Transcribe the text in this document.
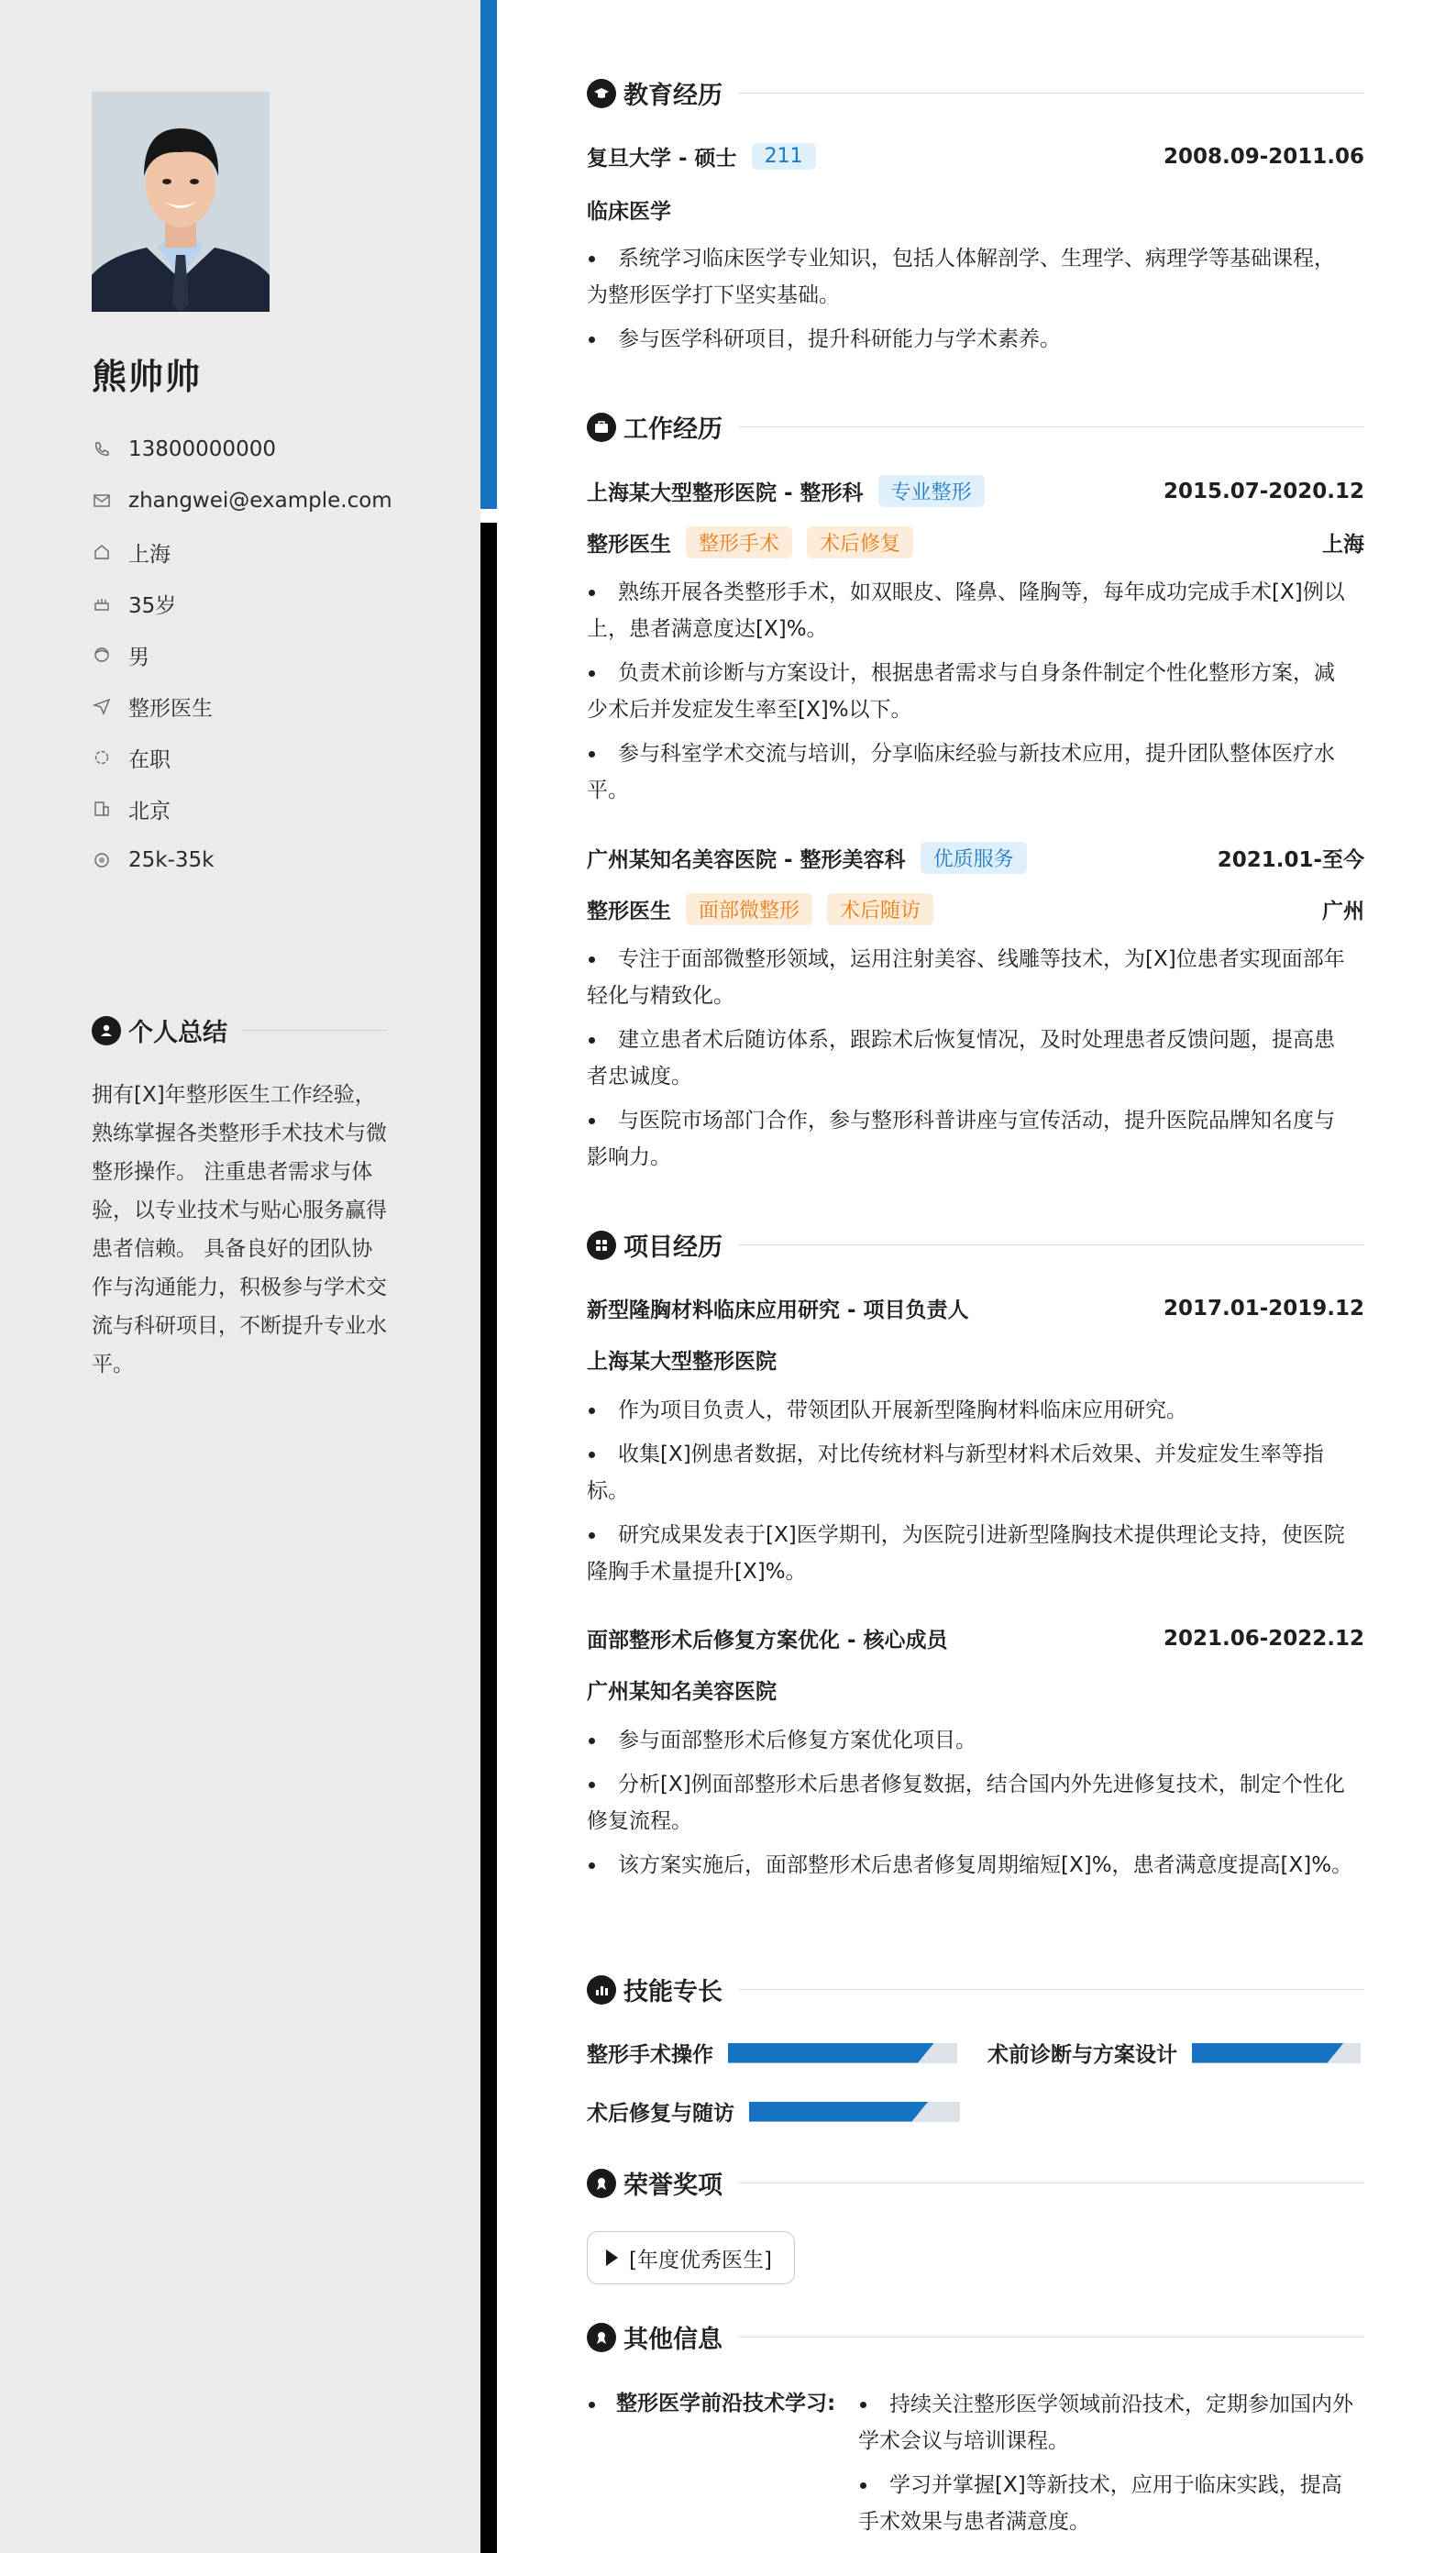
熊帅帅
13800000000
zhangwei@example.com
上海
35岁
男
整形医生
在职
北京
25k-35k
个人总结
拥有[X]年整形医生工作经验，熟练掌握各类整形手术技术与微整形操作。 注重患者需求与体验，以专业技术与贴心服务赢得患者信赖。 具备良好的团队协作与沟通能力，积极参与学术交流与科研项目，不断提升专业水平。
教育经历
复旦大学 - 硕士	211	2008.09-2011.06
临床医学
系统学习临床医学专业知识，包括人体解剖学、生理学、病理学等基础课程，为整形医学打下坚实基础。
参与医学科研项目，提升科研能力与学术素养。
工作经历
上海某大型整形医院 - 整形科	专业整形	2015.07-2020.12
整形医生	整形手术	术后修复	上海
熟练开展各类整形手术，如双眼皮、隆鼻、隆胸等，每年成功完成手术[X]例以上，患者满意度达[X]%。
负责术前诊断与方案设计，根据患者需求与自身条件制定个性化整形方案，减少术后并发症发生率至[X]%以下。
参与科室学术交流与培训，分享临床经验与新技术应用，提升团队整体医疗水平。
广州某知名美容医院 - 整形美容科	优质服务	2021.01-至今
整形医生	面部微整形	术后随访	广州
专注于面部微整形领域，运用注射美容、线雕等技术，为[X]位患者实现面部年轻化与精致化。
建立患者术后随访体系，跟踪术后恢复情况，及时处理患者反馈问题，提高患者忠诚度。
与医院市场部门合作，参与整形科普讲座与宣传活动，提升医院品牌知名度与影响力。
项目经历
新型隆胸材料临床应用研究 - 项目负责人	2017.01-2019.12
上海某大型整形医院
作为项目负责人，带领团队开展新型隆胸材料临床应用研究。
收集[X]例患者数据，对比传统材料与新型材料术后效果、并发症发生率等指标。
研究成果发表于[X]医学期刊，为医院引进新型隆胸技术提供理论支持，使医院隆胸手术量提升[X]%。
面部整形术后修复方案优化 - 核心成员	2021.06-2022.12
广州某知名美容医院
参与面部整形术后修复方案优化项目。
分析[X]例面部整形术后患者修复数据，结合国内外先进修复技术，制定个性化修复流程。
该方案实施后，面部整形术后患者修复周期缩短[X]%，患者满意度提高[X]%。
技能专长
整形手术操作	术前诊断与方案设计
术后修复与随访
荣誉奖项
[年度优秀医生]
其他信息
整形医学前沿技术学习:	持续关注整形医学领域前沿技术，定期参加国内外学术会议与培训课程。
学习并掌握[X]等新技术，应用于临床实践，提高手术效果与患者满意度。
